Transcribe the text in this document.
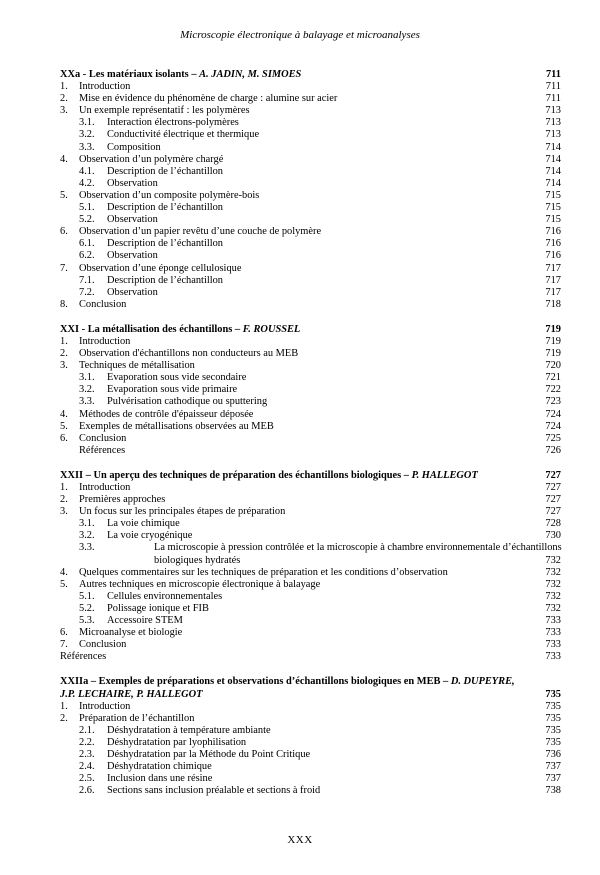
Microscopie électronique à balayage et microanalyses
XXa - Les matériaux isolants – A. JADIN, M. SIMOES	711
1. Introduction	711
2. Mise en évidence du phénomène de charge : alumine sur acier	711
3. Un exemple représentatif : les polymères	713
3.1. Interaction électrons-polymères	713
3.2. Conductivité électrique et thermique	713
3.3. Composition	714
4. Observation d’un polymère chargé	714
4.1. Description de l’échantillon	714
4.2. Observation	714
5. Observation d’un composite polymère-bois	715
5.1. Description de l’échantillon	715
5.2. Observation	715
6. Observation d’un papier revêtu d’une couche de polymère	716
6.1. Description de l’échantillon	716
6.2. Observation	716
7. Observation d’une éponge cellulosique	717
7.1. Description de l’échantillon	717
7.2. Observation	717
8. Conclusion	718
XXI - La métallisation des échantillons – F. ROUSSEL	719
1. Introduction	719
2. Observation d'échantillons non conducteurs au MEB	719
3. Techniques de métallisation	720
3.1. Evaporation sous vide secondaire	721
3.2. Evaporation sous vide primaire	722
3.3. Pulvérisation cathodique ou sputtering	723
4. Méthodes de contrôle d'épaisseur déposée	724
5. Exemples de métallisations observées au MEB	724
6. Conclusion	725
Références	726
XXII – Un aperçu des techniques de préparation des échantillons biologiques – P. HALLEGOT	727
1. Introduction	727
2. Premières approches	727
3. Un focus sur les principales étapes de préparation	727
3.1. La voie chimique	728
3.2. La voie cryogénique	730
3.3.	La microscopie à pression contrôlée et la microscopie à chambre environnementale d’échantillons biologiques hydratés	732
4. Quelques commentaires sur les techniques de préparation et les conditions d’observation	732
5. Autres techniques en microscopie électronique à balayage	732
5.1. Cellules environnementales	732
5.2. Polissage ionique et FIB	732
5.3. Accessoire STEM	733
6. Microanalyse et biologie	733
7. Conclusion	733
Références	733
XXIIa – Exemples de préparations et observations d’échantillons biologiques en MEB – D. DUPEYRE, J.P. LECHAIRE, P. HALLEGOT	735
1. Introduction	735
2. Préparation de l’échantillon	735
2.1. Déshydratation à température ambiante	735
2.2. Déshydratation par lyophilisation	735
2.3. Déshydratation par la Méthode du Point Critique	736
2.4. Déshydratation chimique	737
2.5. Inclusion dans une résine	737
2.6. Sections sans inclusion préalable et sections à froid	738
XXX
